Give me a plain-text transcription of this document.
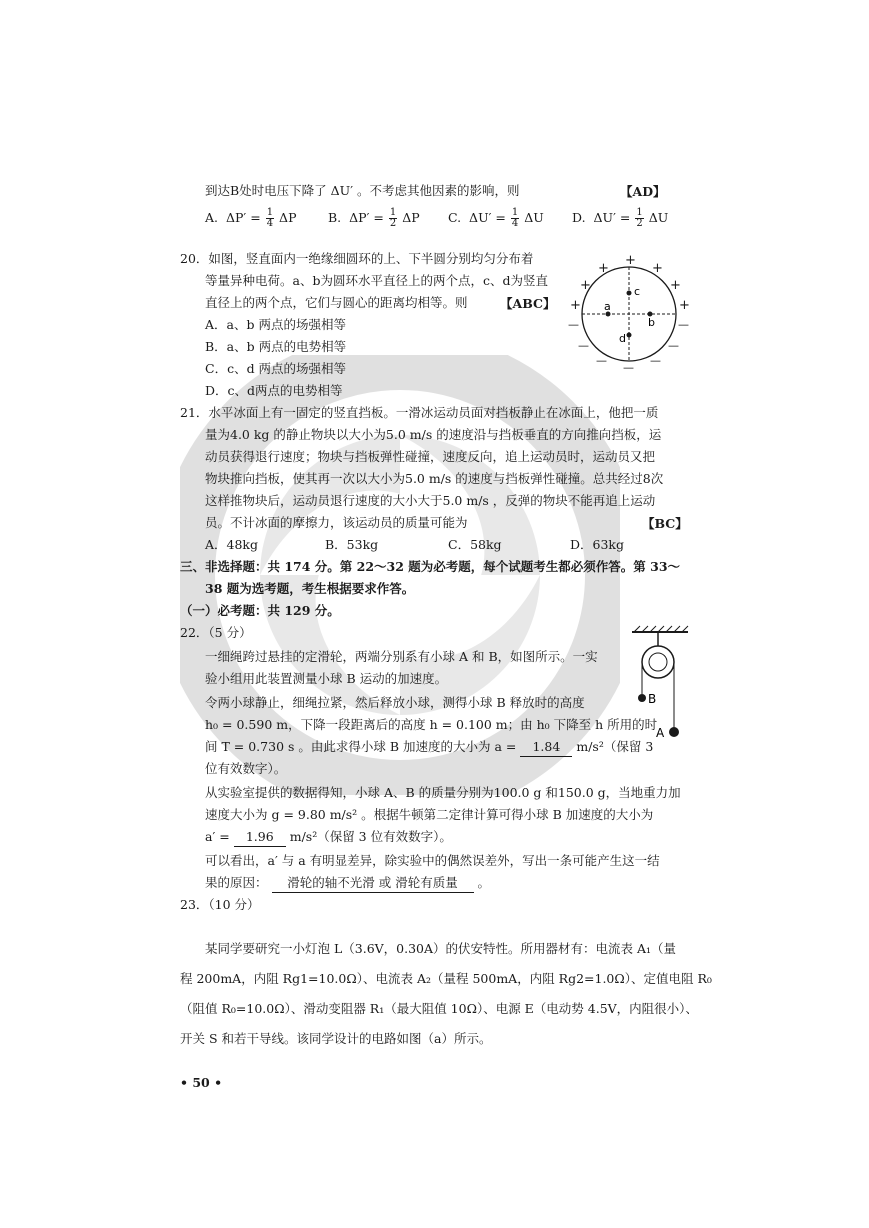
到达B处时电压下降了 ΔU′ 。不考虑其他因素的影响，则	【AD】
A. $\Delta P' = \frac{1}{4}$ ΔP	B. $\Delta P' = \frac{1}{2}$ ΔP C. $\Delta U' = \frac{1}{4}$ ΔU D. $\Delta U' = \frac{1}{2}$ ΔU
20．如图，竖直面内一绝缘细圆环的上、下半圆分别均匀分布着
等量异种电荷。a、b为圆环水平直径上的两个点，c、d为竖直
直径上的两个点，它们与圆心的距离均相等。则	【ABC】
A．a、b 两点的场强相等
B．a、b 两点的电势相等
C．c、d 两点的场强相等
D．c、d两点的电势相等
+
+	+
+	+
+	+
—	—
—	—
—	—
—
a
b
c
d
21．水平冰面上有一固定的竖直挡板。一滑冰运动员面对挡板静止在冰面上，他把一质
量为4.0 kg 的静止物块以大小为5.0 m/s 的速度沿与挡板垂直的方向推向挡板，运
动员获得退行速度；物块与挡板弹性碰撞，速度反向，追上运动员时，运动员又把
物块推向挡板，使其再一次以大小为5.0 m/s 的速度与挡板弹性碰撞。总共经过8次
这样推物块后，运动员退行速度的大小大于5.0 m/s ，反弹的物块不能再追上运动
员。不计冰面的摩擦力，该运动员的质量可能为	【BC】
A．48kg	B．53kg	C．58kg	D．63kg
三、非选择题：共 174 分。第 22～32 题为必考题，每个试题考生都必须作答。第 33～
38 题为选考题，考生根据要求作答。
（一）必考题：共 129 分。
22．（5 分）
一细绳跨过悬挂的定滑轮，两端分别系有小球 A 和 B，如图所示。一实
验小组用此装置测量小球 B 运动的加速度。
令两小球静止，细绳拉紧，然后释放小球，测得小球 B 释放时的高度
h₀ = 0.590 m，下降一段距离后的高度 h = 0.100 m；由 h₀ 下降至 h 所用的时
间 T = 0.730 s 。由此求得小球 B 加速度的大小为 a = 1.84 m/s²（保留 3
位有效数字）。
从实验室提供的数据得知，小球 A、B 的质量分别为100.0 g 和150.0 g，当地重力加
速度大小为 g = 9.80 m/s² 。根据牛顿第二定律计算可得小球 B 加速度的大小为
a′ = 1.96 m/s²（保留 3 位有效数字）。
可以看出，a′ 与 a 有明显差异，除实验中的偶然误差外，写出一条可能产生这一结
果的原因： 滑轮的轴不光滑 或 滑轮有质量 。
B
A
23．（10 分）
某同学要研究一小灯泡 L（3.6V，0.30A）的伏安特性。所用器材有：电流表 A₁（量
程 200mA，内阻 Rg1=10.0Ω）、电流表 A₂（量程 500mA，内阻 Rg2=1.0Ω）、定值电阻 R₀
（阻值 R₀=10.0Ω）、滑动变阻器 R₁（最大阻值 10Ω）、电源 E（电动势 4.5V，内阻很小）、
开关 S 和若干导线。该同学设计的电路如图（a）所示。
• 50 •
